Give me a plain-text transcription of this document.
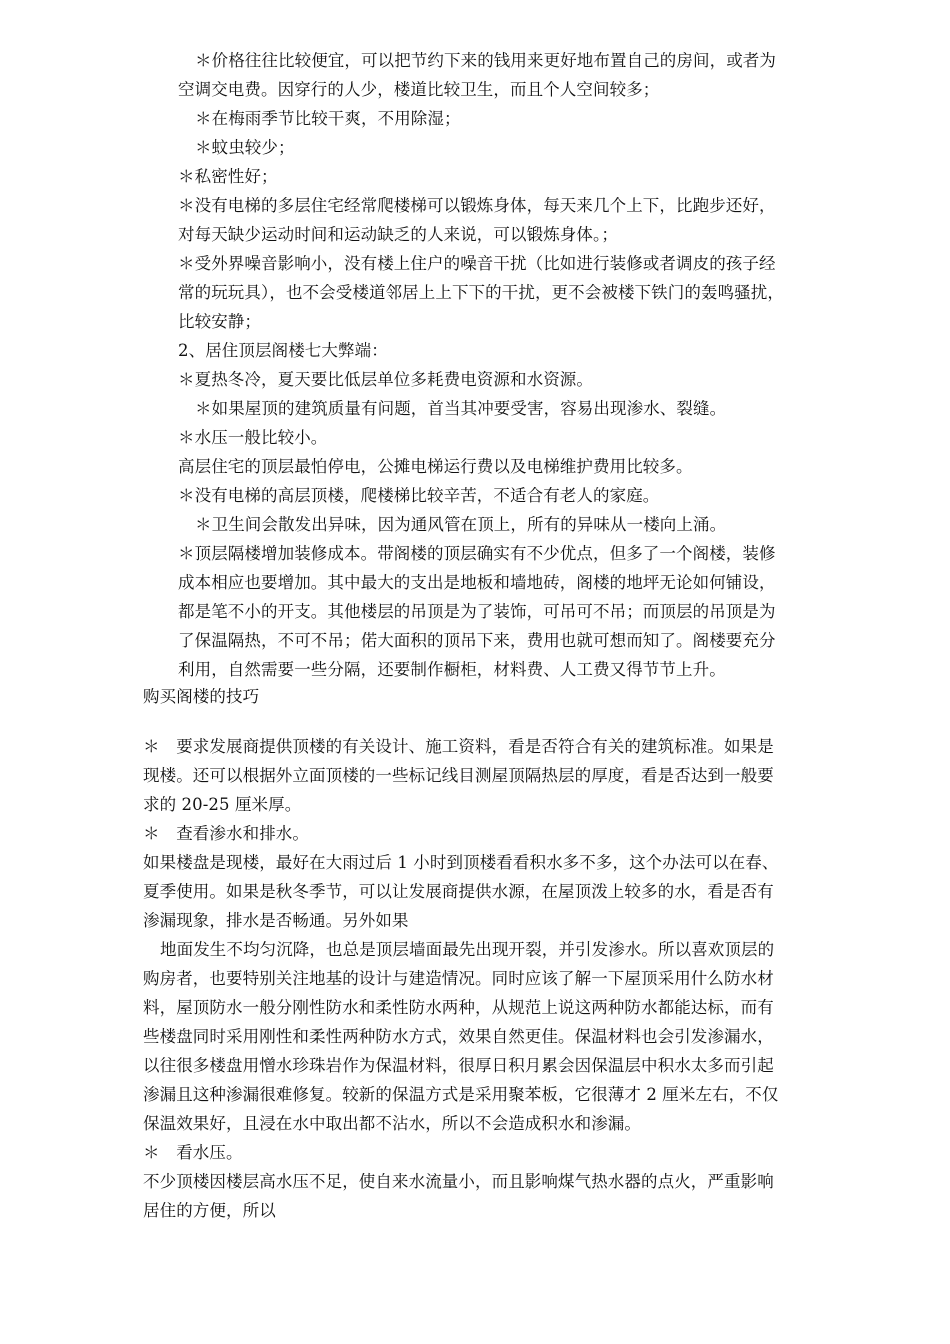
＊价格往往比较便宜，可以把节约下来的钱用来更好地布置自己的房间，或者为
空调交电费。因穿行的人少，楼道比较卫生，而且个人空间较多；
＊在梅雨季节比较干爽，不用除湿；
＊蚊虫较少；
＊私密性好；
＊没有电梯的多层住宅经常爬楼梯可以锻炼身体，每天来几个上下，比跑步还好，
对每天缺少运动时间和运动缺乏的人来说，可以锻炼身体。；
＊受外界噪音影响小，没有楼上住户的噪音干扰（比如进行装修或者调皮的孩子经
常的玩玩具），也不会受楼道邻居上上下下的干扰，更不会被楼下铁门的轰鸣骚扰，
比较安静；
2、居住顶层阁楼七大弊端：
＊夏热冬冷，夏天要比低层单位多耗费电资源和水资源。
＊如果屋顶的建筑质量有问题，首当其冲要受害，容易出现渗水、裂缝。
＊水压一般比较小。
高层住宅的顶层最怕停电，公摊电梯运行费以及电梯维护费用比较多。
＊没有电梯的高层顶楼，爬楼梯比较辛苦，不适合有老人的家庭。
＊卫生间会散发出异味，因为通风管在顶上，所有的异味从一楼向上涌。
＊顶层隔楼增加装修成本。带阁楼的顶层确实有不少优点，但多了一个阁楼，装修
成本相应也要增加。其中最大的支出是地板和墙地砖，阁楼的地坪无论如何铺设，
都是笔不小的开支。其他楼层的吊顶是为了装饰，可吊可不吊；而顶层的吊顶是为
了保温隔热，不可不吊；偌大面积的顶吊下来，费用也就可想而知了。阁楼要充分
利用，自然需要一些分隔，还要制作橱柜，材料费、人工费又得节节上升。
购买阁楼的技巧
＊　要求发展商提供顶楼的有关设计、施工资料，看是否符合有关的建筑标准。如果是
现楼。还可以根据外立面顶楼的一些标记线目测屋顶隔热层的厚度，看是否达到一般要
求的 20-25 厘米厚。
＊　查看渗水和排水。
如果楼盘是现楼，最好在大雨过后 1 小时到顶楼看看积水多不多，这个办法可以在春、
夏季使用。如果是秋冬季节，可以让发展商提供水源，在屋顶泼上较多的水，看是否有
渗漏现象，排水是否畅通。另外如果
地面发生不均匀沉降，也总是顶层墙面最先出现开裂，并引发渗水。所以喜欢顶层的
购房者，也要特别关注地基的设计与建造情况。同时应该了解一下屋顶采用什么防水材
料，屋顶防水一般分刚性防水和柔性防水两种，从规范上说这两种防水都能达标，而有
些楼盘同时采用刚性和柔性两种防水方式，效果自然更佳。保温材料也会引发渗漏水，
以往很多楼盘用憎水珍珠岩作为保温材料，很厚日积月累会因保温层中积水太多而引起
渗漏且这种渗漏很难修复。较新的保温方式是采用聚苯板，它很薄才 2 厘米左右，不仅
保温效果好，且浸在水中取出都不沾水，所以不会造成积水和渗漏。
＊　看水压。
不少顶楼因楼层高水压不足，使自来水流量小，而且影响煤气热水器的点火，严重影响
居住的方便，所以
